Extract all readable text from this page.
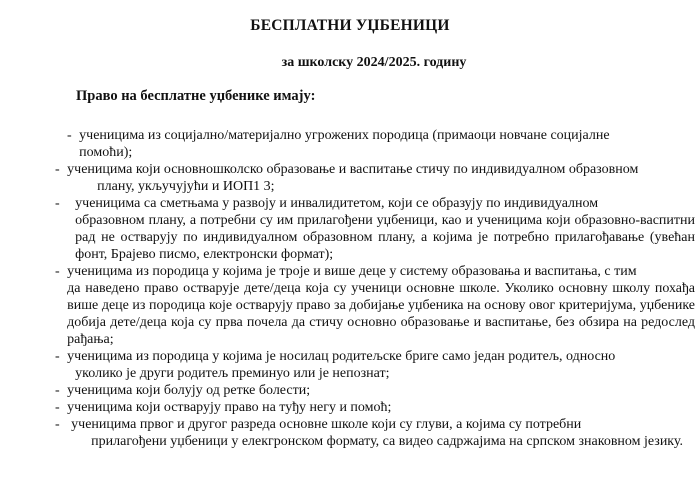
БЕСПЛАТНИ УЏБЕНИЦИ
за школску 2024/2025. годину
Право на бесплатне уџбенике имају:
- ученицима из социјално/материјално угрожених породица (примаоци новчане социјалне
помоћи);
- ученицима који основношколско образовање и васпитање стичу по индивидуалном образовном
плану, укључујући и ИОП1 3;
- ученицима са сметњама у развоју и инвалидитетом, који се образују по индивидуалном
образовном плану, а потребни су им прилагођени уџбеници, као и ученицима који образовно-васпитни рад не остварују по индивидуалном образовном плану, а којима је потребно прилагођавање (увећан фонт, Брајево писмо, електронски формат);
- ученицима из породица у којима је троје и више деце у систему образовања и васпитања, с тим
да наведено право остварује дете/деца која су ученици основне школе. Уколико основну школу похађа више деце из породица које остварују право за добијање уџбеника на основу овог критеријума, уџбенике добија дете/деца која су прва почела да стичу основно образовање и васпитање, без обзира на редослед рађања;
- ученицима из породица у којима је носилац родитељске бриге само један родитељ, односно
уколико је други родитељ преминуо или је непознат;
- ученицима који болују од ретке болести;
- ученицима који остварују право на туђу негу и помоћ;
- ученицима првог и другог разреда основне школе који су глуви, а којима су потребни
прилагођени уџбеници у елекгронском формату, са видео садржајима на српском знаковном језику.
